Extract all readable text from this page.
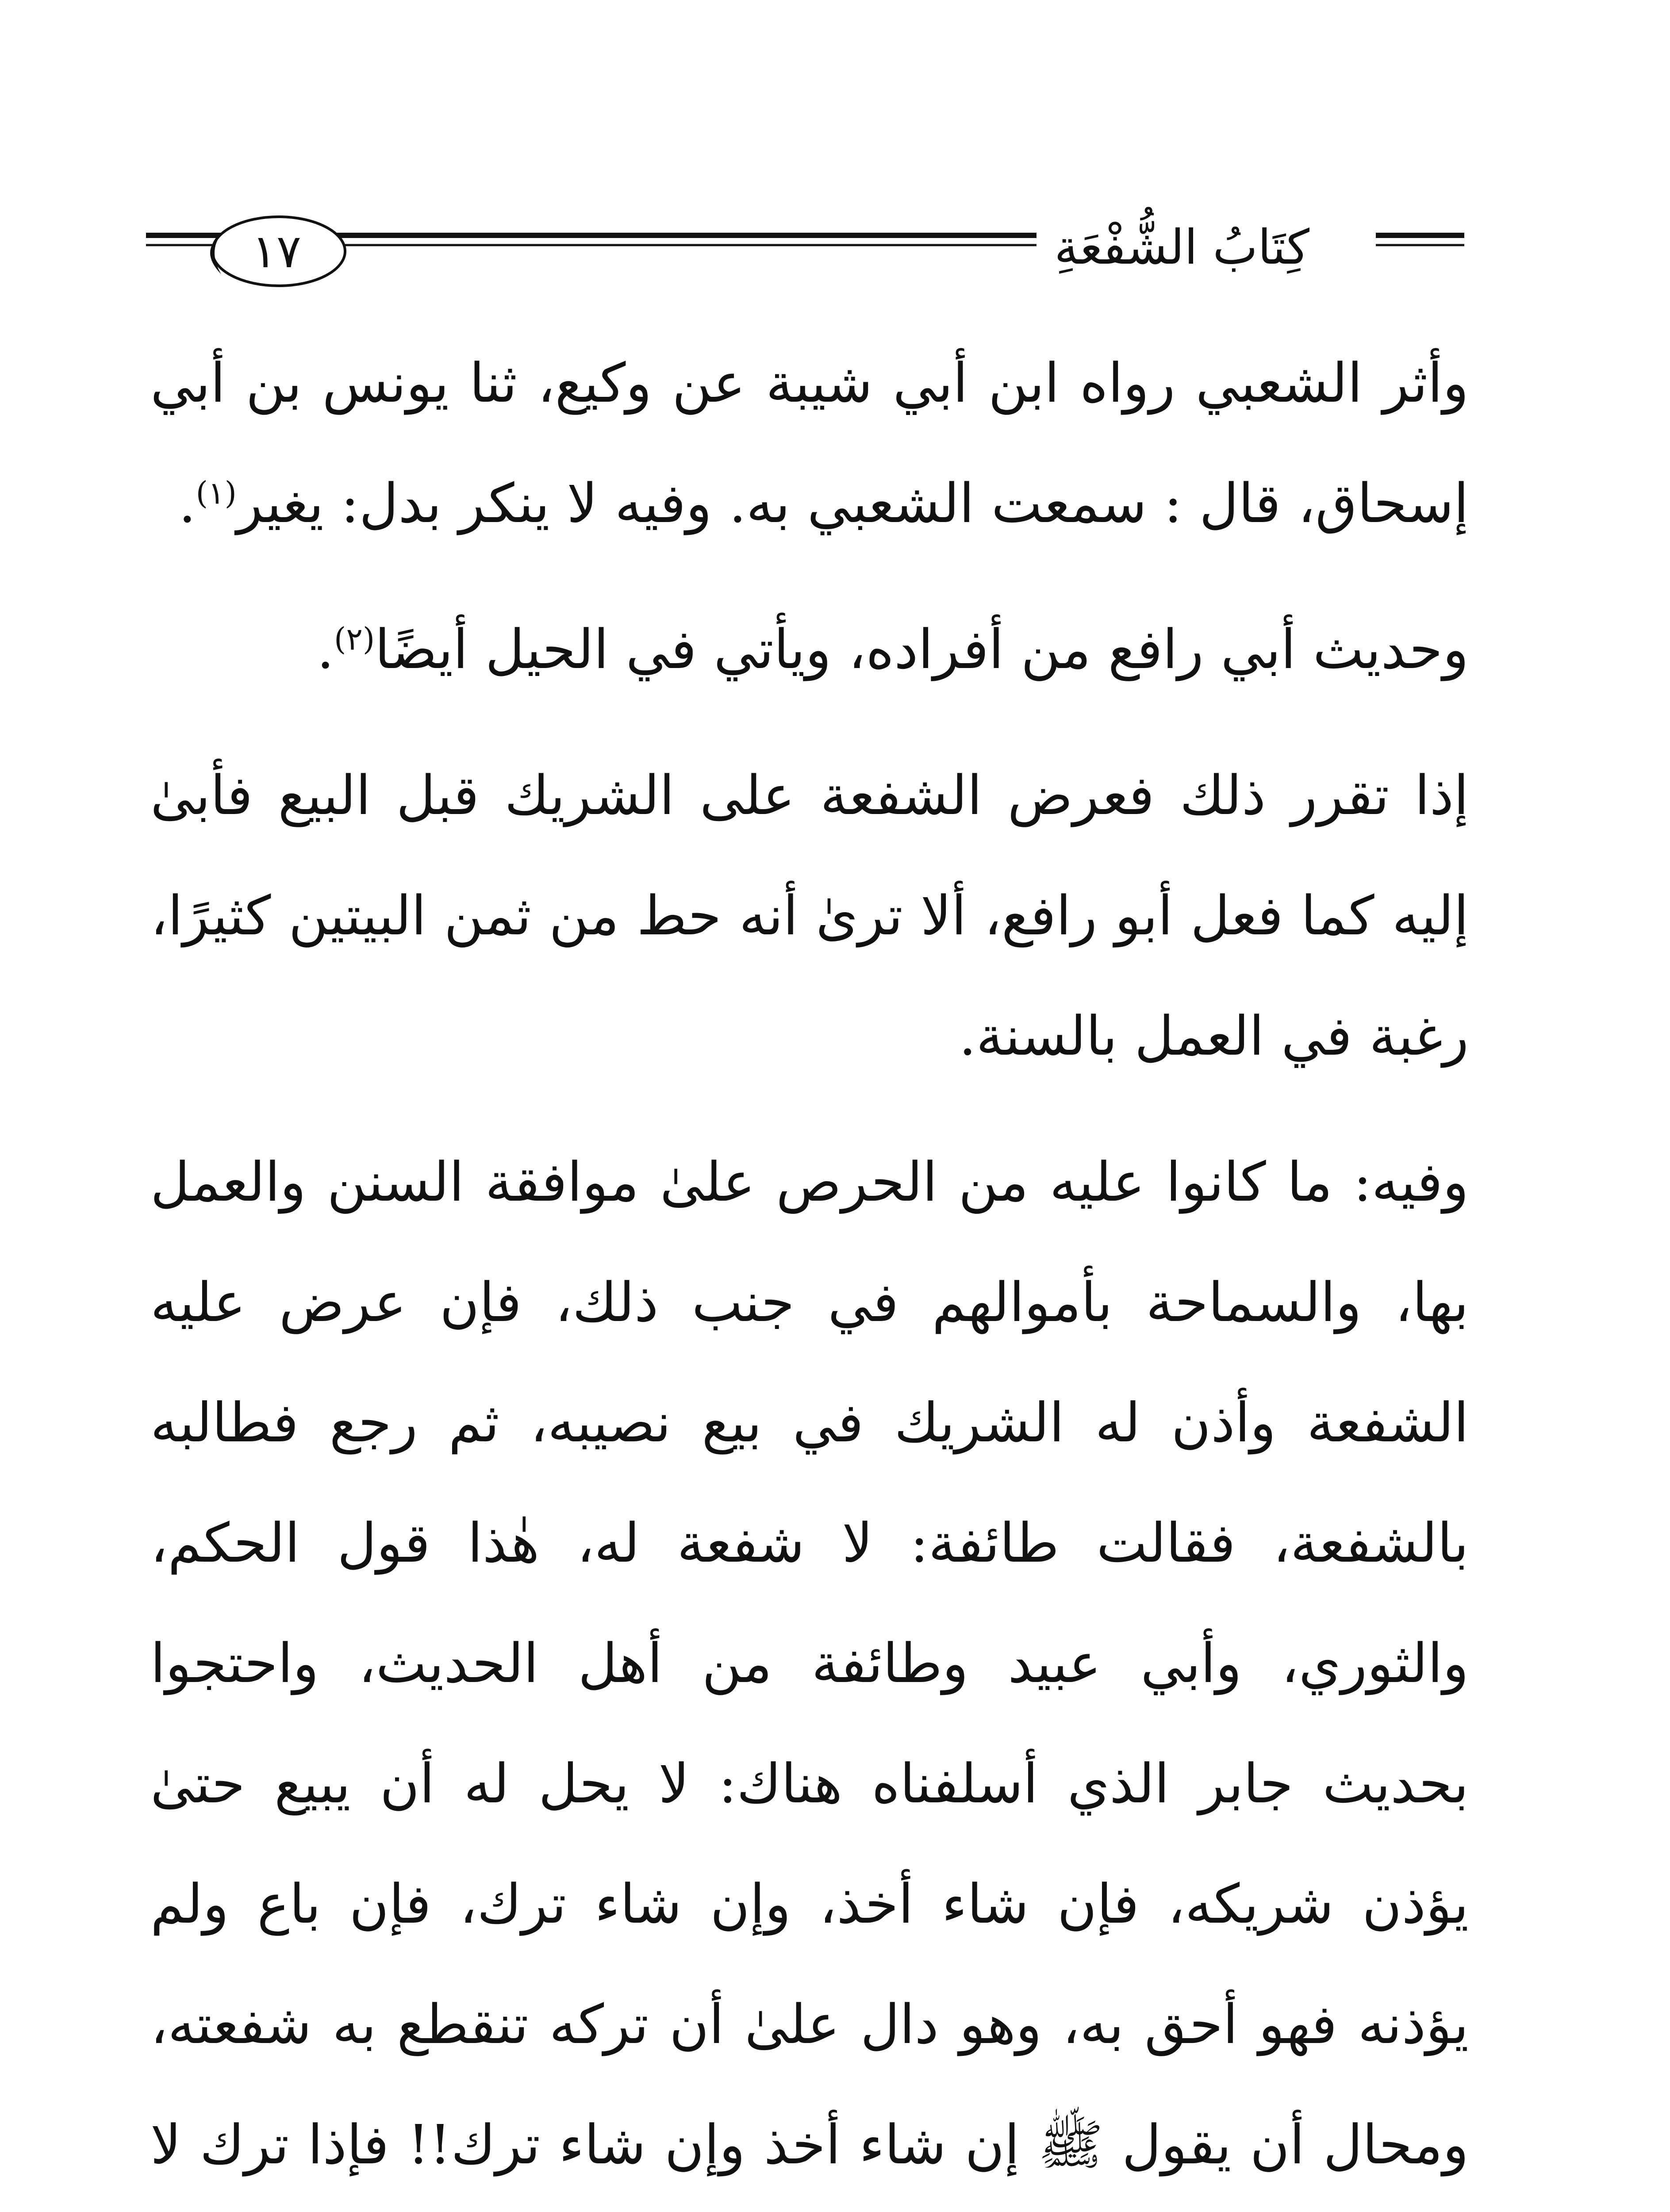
١٧	كِتَابُ الشُّفْعَةِ

وأثر الشعبي رواه ابن أبي شيبة عن وكيع، ثنا يونس بن أبي إسحاق، قال : سمعت الشعبي به. وفيه لا ينكر بدل: يغير$^{(١)}$.

وحديث أبي رافع من أفراده، ويأتي في الحيل أيضًا$^{(٢)}$.

إذا تقرر ذلك فعرض الشفعة على الشريك قبل البيع فأبىٰ إليه كما فعل أبو رافع، ألا ترىٰ أنه حط من ثمن البيتين كثيرًا، رغبة في العمل بالسنة.

وفيه: ما كانوا عليه من الحرص علىٰ موافقة السنن والعمل بها، والسماحة بأموالهم في جنب ذلك، فإن عرض عليه الشفعة وأذن له الشريك في بيع نصيبه، ثم رجع فطالبه بالشفعة، فقالت طائفة: لا شفعة له، هٰذا قول الحكم، والثوري، وأبي عبيد وطائفة من أهل الحديث، واحتجوا بحديث جابر الذي أسلفناه هناك: لا يحل له أن يبيع حتىٰ يؤذن شريكه، فإن شاء أخذ، وإن شاء ترك، فإن باع ولم يؤذنه فهو أحق به، وهو دال علىٰ أن تركه تنقطع به شفعته، ومحال أن يقول ﷺ إن شاء أخذ وإن شاء ترك!! فإذا ترك لا
